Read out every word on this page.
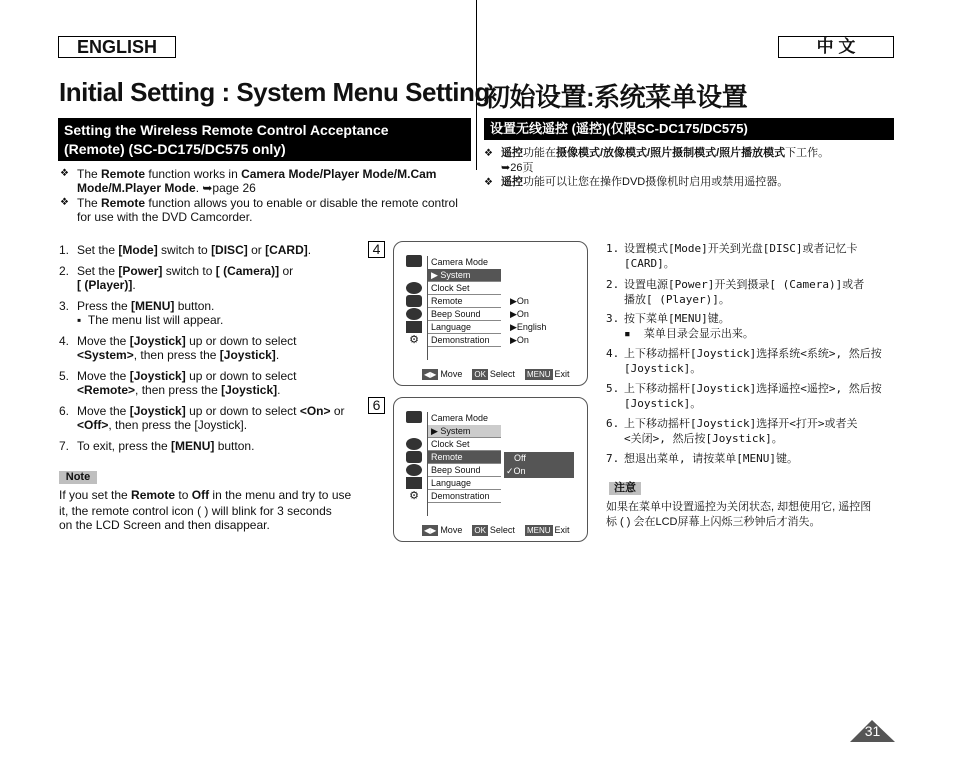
ENGLISH	中 文
Initial Setting : System Menu Setting
初始设置:系统菜单设置
Setting the Wireless Remote Control Acceptance
(Remote) (SC-DC175/DC575 only)
设置无线遥控 (遥控)(仅限SC-DC175/DC575)
❖ The Remote function works in Camera Mode/Player Mode/M.Cam Mode/M.Player Mode. ➥page 26
❖ The Remote function allows you to enable or disable the remote control for use with the DVD Camcorder.
❖ 遥控功能在摄像模式/放像模式/照片摄制模式/照片播放模式下工作。
➥26页
❖ 遥控功能可以让您在操作DVD摄像机时启用或禁用遥控器。
1. Set the [Mode] switch to [DISC] or [CARD].
2. Set the [Power] switch to [ (Camera)] or
[ (Player)].
3. Press the [MENU] button.
▪  The menu list will appear.
4. Move the [Joystick] up or down to select
<System>, then press the [Joystick].
5. Move the [Joystick] up or down to select
<Remote>, then press the [Joystick].
6. Move the [Joystick] up or down to select <On> or
<Off>, then press the [Joystick].
7. To exit, press the [MENU] button.
Note
If you set the Remote to Off in the menu and try to use
it, the remote control icon ( ) will blink for 3 seconds
on the LCD Screen and then disappear.
4
Camera Mode
▶ System
Clock Set
Remote	▶On
Beep Sound	▶On
Language	▶English
⚙	Demonstration	▶On
◀▶ Move OK Select MENU Exit
6
Camera Mode
▶ System
Clock Set
Remote
Beep Sound
Language
⚙	Demonstration
Off
✓On
◀▶ Move OK Select MENU Exit
1. 设置模式[Mode]开关到光盘[DISC]或者记忆卡
[CARD]。
2. 设置电源[Power]开关到摄录[ (Camera)]或者
播放[ (Player)]。
3. 按下菜单[MENU]键。
▪  菜单目录会显示出来。
4. 上下移动摇杆[Joystick]选择系统<系统>, 然后按
[Joystick]。
5. 上下移动摇杆[Joystick]选择遥控<遥控>, 然后按
[Joystick]。
6. 上下移动摇杆[Joystick]选择开<打开>或者关
<关闭>, 然后按[Joystick]。
7. 想退出菜单, 请按菜单[MENU]键。
注意
如果在菜单中设置遥控为关闭状态, 却想使用它, 遥控图
标 ( ) 会在LCD屏幕上闪烁三秒钟后才消失。
31
